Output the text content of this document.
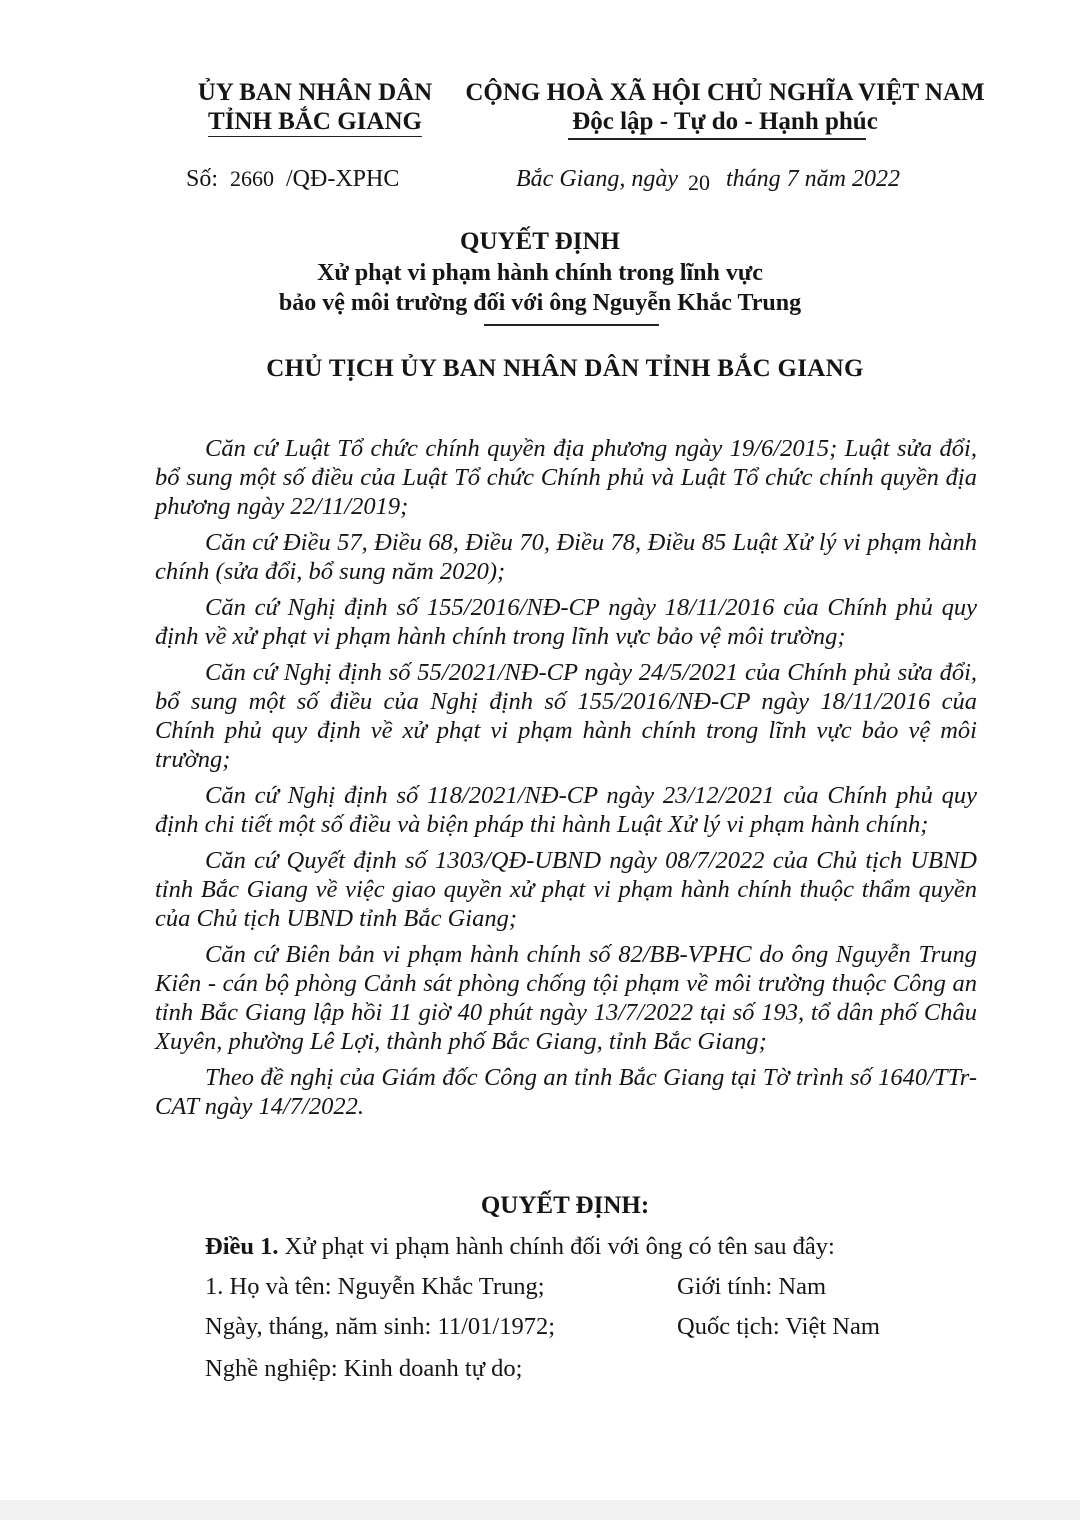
ỦY BAN NHÂN DÂN
TỈNH BẮC GIANG
CỘNG HOÀ XÃ HỘI CHỦ NGHĨA VIỆT NAM
Độc lập - Tự do - Hạnh phúc
Số: 2660 /QĐ-XPHC	Bắc Giang, ngày 20 tháng 7 năm 2022
QUYẾT ĐỊNH
Xử phạt vi phạm hành chính trong lĩnh vực
bảo vệ môi trường đối với ông Nguyễn Khắc Trung
CHỦ TỊCH ỦY BAN NHÂN DÂN TỈNH BẮC GIANG

Căn cứ Luật Tổ chức chính quyền địa phương ngày 19/6/2015; Luật sửa đổi, bổ sung một số điều của Luật Tổ chức Chính phủ và Luật Tổ chức chính quyền địa phương ngày 22/11/2019;

Căn cứ Điều 57, Điều 68, Điều 70, Điều 78, Điều 85 Luật Xử lý vi phạm hành chính (sửa đổi, bổ sung năm 2020);

Căn cứ Nghị định số 155/2016/NĐ-CP ngày 18/11/2016 của Chính phủ quy định về xử phạt vi phạm hành chính trong lĩnh vực bảo vệ môi trường;

Căn cứ Nghị định số 55/2021/NĐ-CP ngày 24/5/2021 của Chính phủ sửa đổi, bổ sung một số điều của Nghị định số 155/2016/NĐ-CP ngày 18/11/2016 của Chính phủ quy định về xử phạt vi phạm hành chính trong lĩnh vực bảo vệ môi trường;

Căn cứ Nghị định số 118/2021/NĐ-CP ngày 23/12/2021 của Chính phủ quy định chi tiết một số điều và biện pháp thi hành Luật Xử lý vi phạm hành chính;

Căn cứ Quyết định số 1303/QĐ-UBND ngày 08/7/2022 của Chủ tịch UBND tỉnh Bắc Giang về việc giao quyền xử phạt vi phạm hành chính thuộc thẩm quyền của Chủ tịch UBND tỉnh Bắc Giang;

Căn cứ Biên bản vi phạm hành chính số 82/BB-VPHC do ông Nguyễn Trung Kiên - cán bộ phòng Cảnh sát phòng chống tội phạm về môi trường thuộc Công an tỉnh Bắc Giang lập hồi 11 giờ 40 phút ngày 13/7/2022 tại số 193, tổ dân phố Châu Xuyên, phường Lê Lợi, thành phố Bắc Giang, tỉnh Bắc Giang;

Theo đề nghị của Giám đốc Công an tỉnh Bắc Giang tại Tờ trình số 1640/TTr-CAT ngày 14/7/2022.

QUYẾT ĐỊNH:
Điều 1. Xử phạt vi phạm hành chính đối với ông có tên sau đây:
1. Họ và tên: Nguyễn Khắc Trung;	Giới tính: Nam
Ngày, tháng, năm sinh: 11/01/1972;	Quốc tịch: Việt Nam
Nghề nghiệp: Kinh doanh tự do;
